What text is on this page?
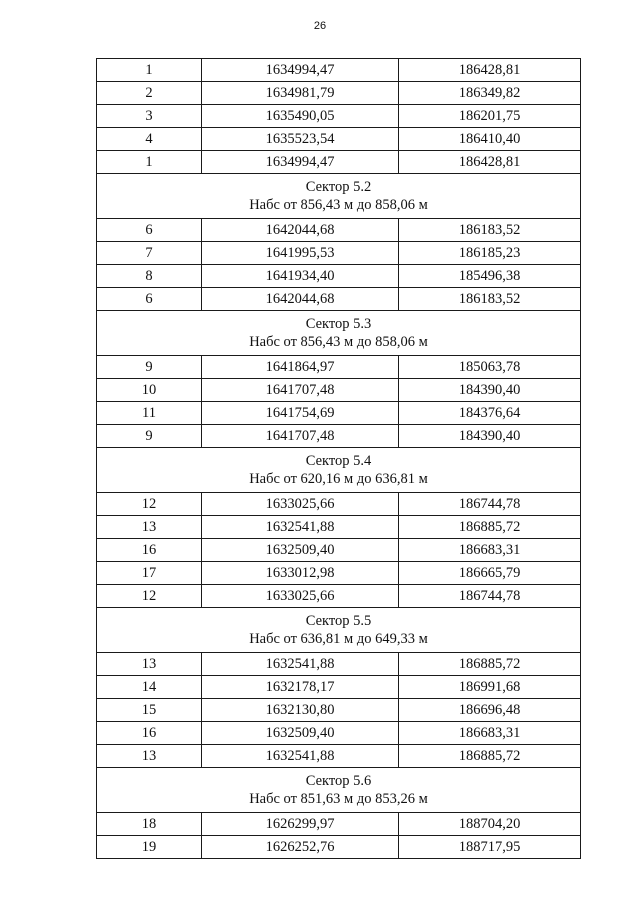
26
1	1634994,47	186428,81
2	1634981,79	186349,82
3	1635490,05	186201,75
4	1635523,54	186410,40
1	1634994,47	186428,81

Сектор 5.2
Набс от 856,43 м до 858,06 м		

6	1642044,68	186183,52
7	1641995,53	186185,23
8	1641934,40	185496,38
6	1642044,68	186183,52

Сектор 5.3
Набс от 856,43 м до 858,06 м		

9	1641864,97	185063,78
10	1641707,48	184390,40
11	1641754,69	184376,64
9	1641707,48	184390,40

Сектор 5.4
Набс от 620,16 м до 636,81 м		

12	1633025,66	186744,78
13	1632541,88	186885,72
16	1632509,40	186683,31
17	1633012,98	186665,79
12	1633025,66	186744,78

Сектор 5.5
Набс от 636,81 м до 649,33 м		

13	1632541,88	186885,72
14	1632178,17	186991,68
15	1632130,80	186696,48
16	1632509,40	186683,31
13	1632541,88	186885,72

Сектор 5.6
Набс от 851,63 м до 853,26 м		

18	1626299,97	188704,20
19	1626252,76	188717,95
